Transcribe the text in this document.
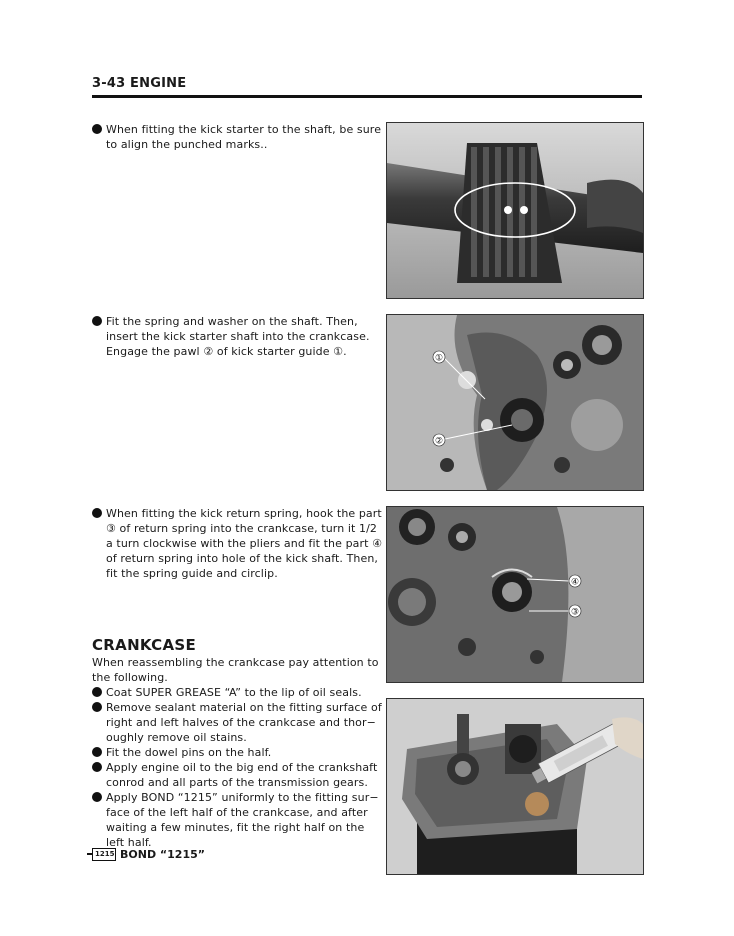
3-43 ENGINE
When fitting the kick starter to the shaft, be sure
to align the punched marks..
Fit the spring and washer on the shaft. Then,
insert the kick starter shaft into the crankcase.
Engage the pawl ② of kick starter guide ①.
①
②
When fitting the kick return spring, hook the part
③ of return spring into the crankcase, turn it 1/2
a turn clockwise with the pliers and fit the part ④
of return spring into hole of the kick shaft. Then,
fit the spring guide and circlip.
④
③
CRANKCASE
When reassembling the crankcase pay attention to
the following.
Coat SUPER GREASE “A” to the lip of oil seals.
Remove sealant material on the fitting surface of
right and left halves of the crankcase and thor−
oughly remove oil stains.
Fit the dowel pins on the half.
Apply engine oil to the big end of the crankshaft
conrod and all parts of the transmission gears.
Apply BOND “1215” uniformly to the fitting sur−
face of the left half of the crankcase, and after
waiting a few minutes, fit the right half on the
left half.
1215 BOND “1215”
